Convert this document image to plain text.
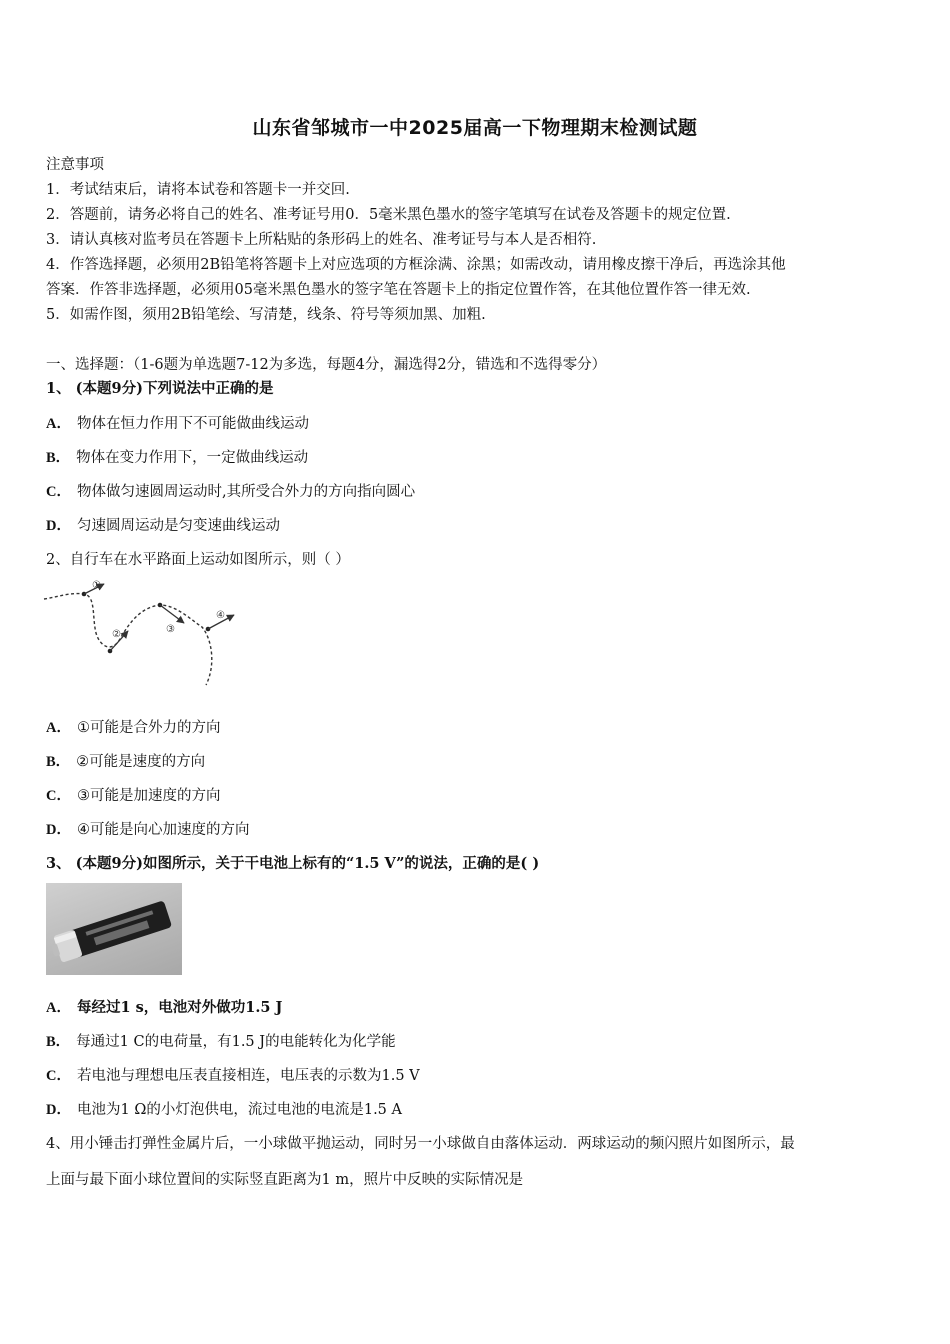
山东省邹城市一中2025届高一下物理期末检测试题
注意事项
1．考试结束后，请将本试卷和答题卡一并交回.
2．答题前，请务必将自己的姓名、准考证号用0．5毫米黑色墨水的签字笔填写在试卷及答题卡的规定位置.
3．请认真核对监考员在答题卡上所粘贴的条形码上的姓名、准考证号与本人是否相符.
4．作答选择题，必须用2B铅笔将答题卡上对应选项的方框涂满、涂黑；如需改动，请用橡皮擦干净后，再选涂其他
答案．作答非选择题，必须用05毫米黑色墨水的签字笔在答题卡上的指定位置作答，在其他位置作答一律无效.
5．如需作图，须用2B铅笔绘、写清楚，线条、符号等须加黑、加粗.
一、选择题：（1-6题为单选题7-12为多选，每题4分，漏选得2分，错选和不选得零分）
1、 (本题9分)下列说法中正确的是
A． 物体在恒力作用下不可能做曲线运动
B． 物体在变力作用下，一定做曲线运动
C． 物体做匀速圆周运动时,其所受合外力的方向指向圆心
D． 匀速圆周运动是匀变速曲线运动
2、自行车在水平路面上运动如图所示，则（ ）
①
②	③
④
A． ①可能是合外力的方向
B． ②可能是速度的方向
C． ③可能是加速度的方向
D． ④可能是向心加速度的方向
3、 (本题9分)如图所示，关于干电池上标有的“1.5 V”的说法，正确的是( )
A． 每经过1 s，电池对外做功1.5 J
B． 每通过1 C的电荷量，有1.5 J的电能转化为化学能
C． 若电池与理想电压表直接相连，电压表的示数为1.5 V
D． 电池为1 Ω的小灯泡供电，流过电池的电流是1.5 A
4、用小锤击打弹性金属片后，一小球做平抛运动，同时另一小球做自由落体运动．两球运动的频闪照片如图所示，最
上面与最下面小球位置间的实际竖直距离为1 m，照片中反映的实际情况是
